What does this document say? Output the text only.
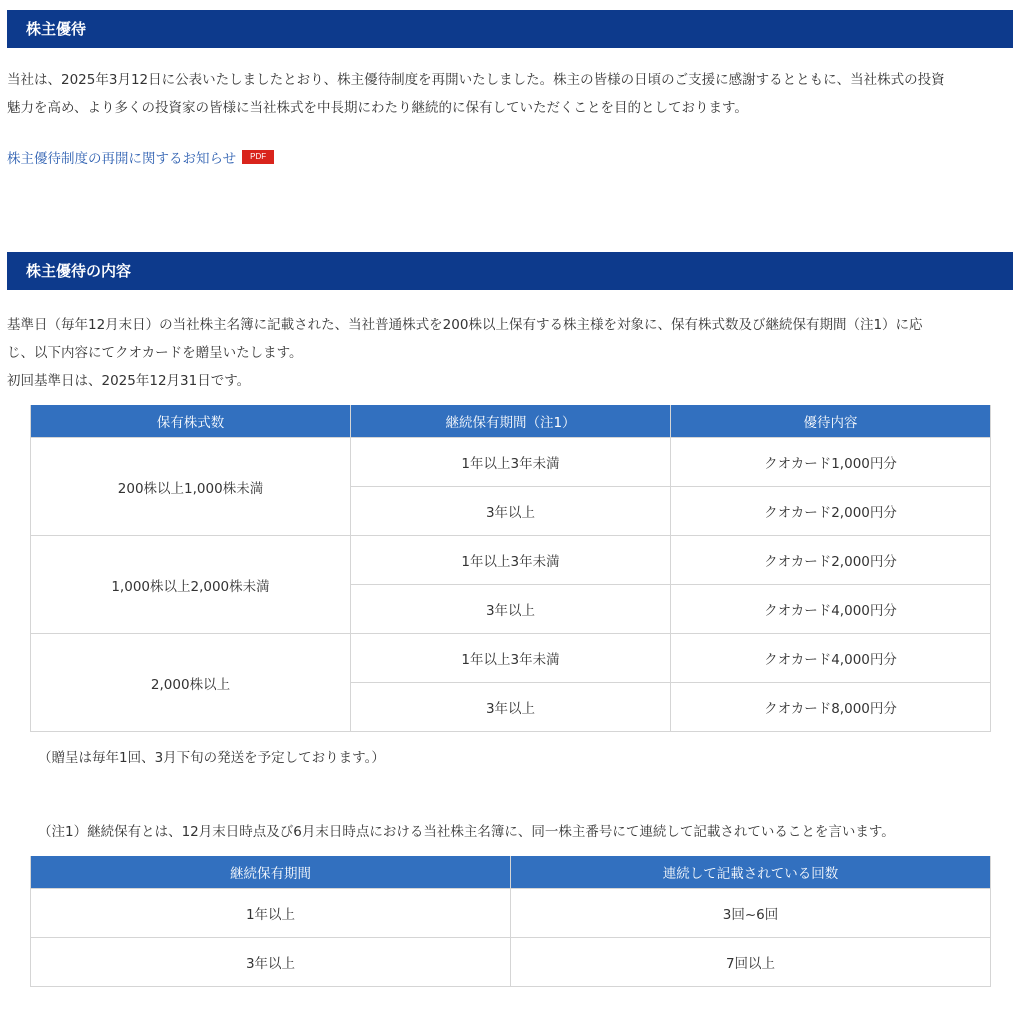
株主優待

当社は、2025年3月12日に公表いたしましたとおり、株主優待制度を再開いたしました。株主の皆様の日頃のご支援に感謝するとともに、当社株式の投資

魅力を高め、より多くの投資家の皆様に当社株式を中長期にわたり継続的に保有していただくことを目的としております。

株主優待制度の再開に関するお知らせ	PDF
株主優待の内容

基準日（毎年12月末日）の当社株主名簿に記載された、当社普通株式を200株以上保有する株主様を対象に、保有株式数及び継続保有期間（注1）に応

じ、以下内容にてクオカードを贈呈いたします。

初回基準日は、2025年12月31日です。

保有株式数	継続保有期間（注1）	優待内容
200株以上1,000株未満	1年以上3年未満	クオカード1,000円分
	3年以上	クオカード2,000円分
1,000株以上2,000株未満	1年以上3年未満	クオカード2,000円分
	3年以上	クオカード4,000円分
2,000株以上	1年以上3年未満	クオカード4,000円分
	3年以上	クオカード8,000円分
（贈呈は毎年1回、3月下旬の発送を予定しております。）
（注1）継続保有とは、12月末日時点及び6月末日時点における当社株主名簿に、同一株主番号にて連続して記載されていることを言います。
継続保有期間	連続して記載されている回数
1年以上	3回~6回
3年以上	7回以上
